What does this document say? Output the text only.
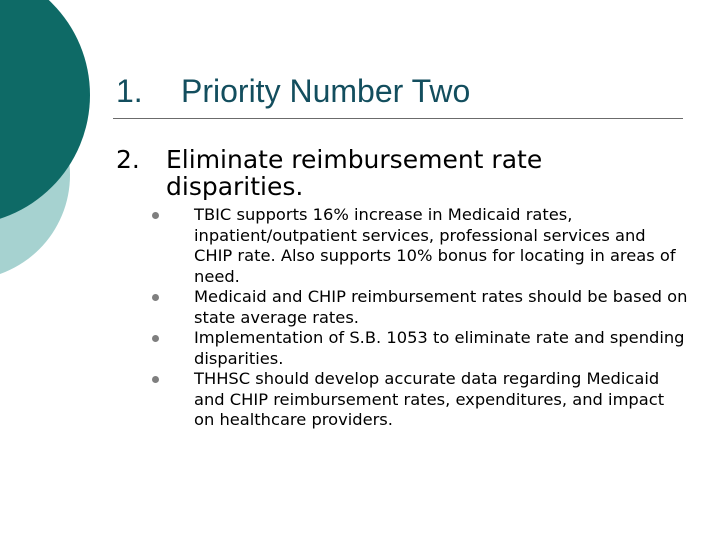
1. Priority Number Two
2. Eliminate reimbursement rate disparities.
TBIC supports 16% increase in Medicaid rates, inpatient/outpatient services, professional services and CHIP rate. Also supports 10% bonus for locating in areas of need.
Medicaid and CHIP reimbursement rates should be based on state average rates.
Implementation of S.B. 1053 to eliminate rate and spending disparities.
THHSC should develop accurate data regarding Medicaid and CHIP reimbursement rates, expenditures, and impact on healthcare providers.
